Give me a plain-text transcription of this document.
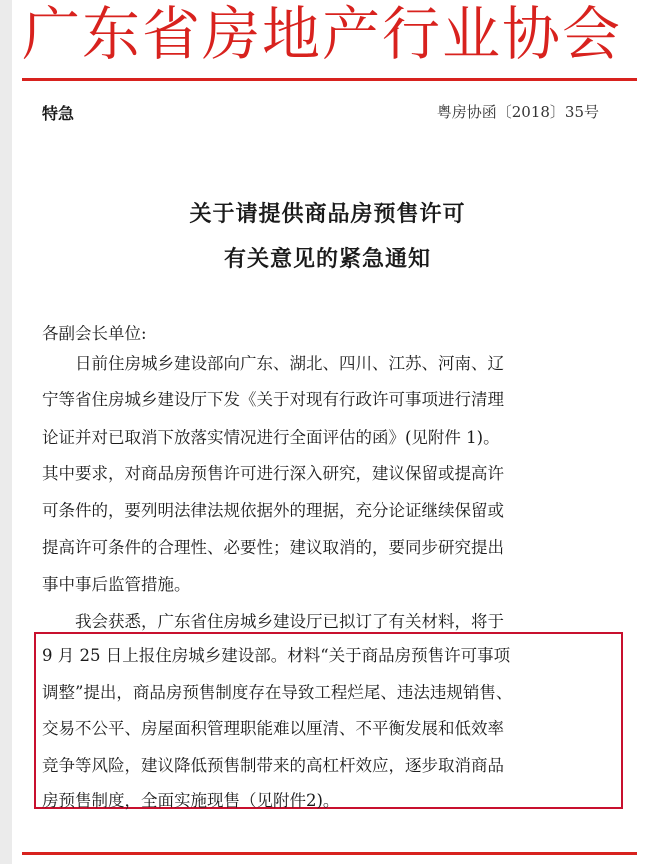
广东省房地产行业协会
特急	粤房协函〔2018〕35号
关于请提供商品房预售许可
有关意见的紧急通知
各副会长单位:
　　日前住房城乡建设部向广东、湖北、四川、江苏、河南、辽
宁等省住房城乡建设厅下发《关于对现有行政许可事项进行清理
论证并对已取消下放落实情况进行全面评估的函》(见附件 1)。
其中要求，对商品房预售许可进行深入研究，建议保留或提高许
可条件的，要列明法律法规依据外的理据，充分论证继续保留或
提高许可条件的合理性、必要性；建议取消的，要同步研究提出
事中事后监管措施。
　　我会获悉，广东省住房城乡建设厅已拟订了有关材料，将于
9 月 25 日上报住房城乡建设部。材料“关于商品房预售许可事项
调整”提出，商品房预售制度存在导致工程烂尾、违法违规销售、
交易不公平、房屋面积管理职能难以厘清、不平衡发展和低效率
竞争等风险，建议降低预售制带来的高杠杆效应，逐步取消商品
房预售制度，全面实施现售（见附件2)。
